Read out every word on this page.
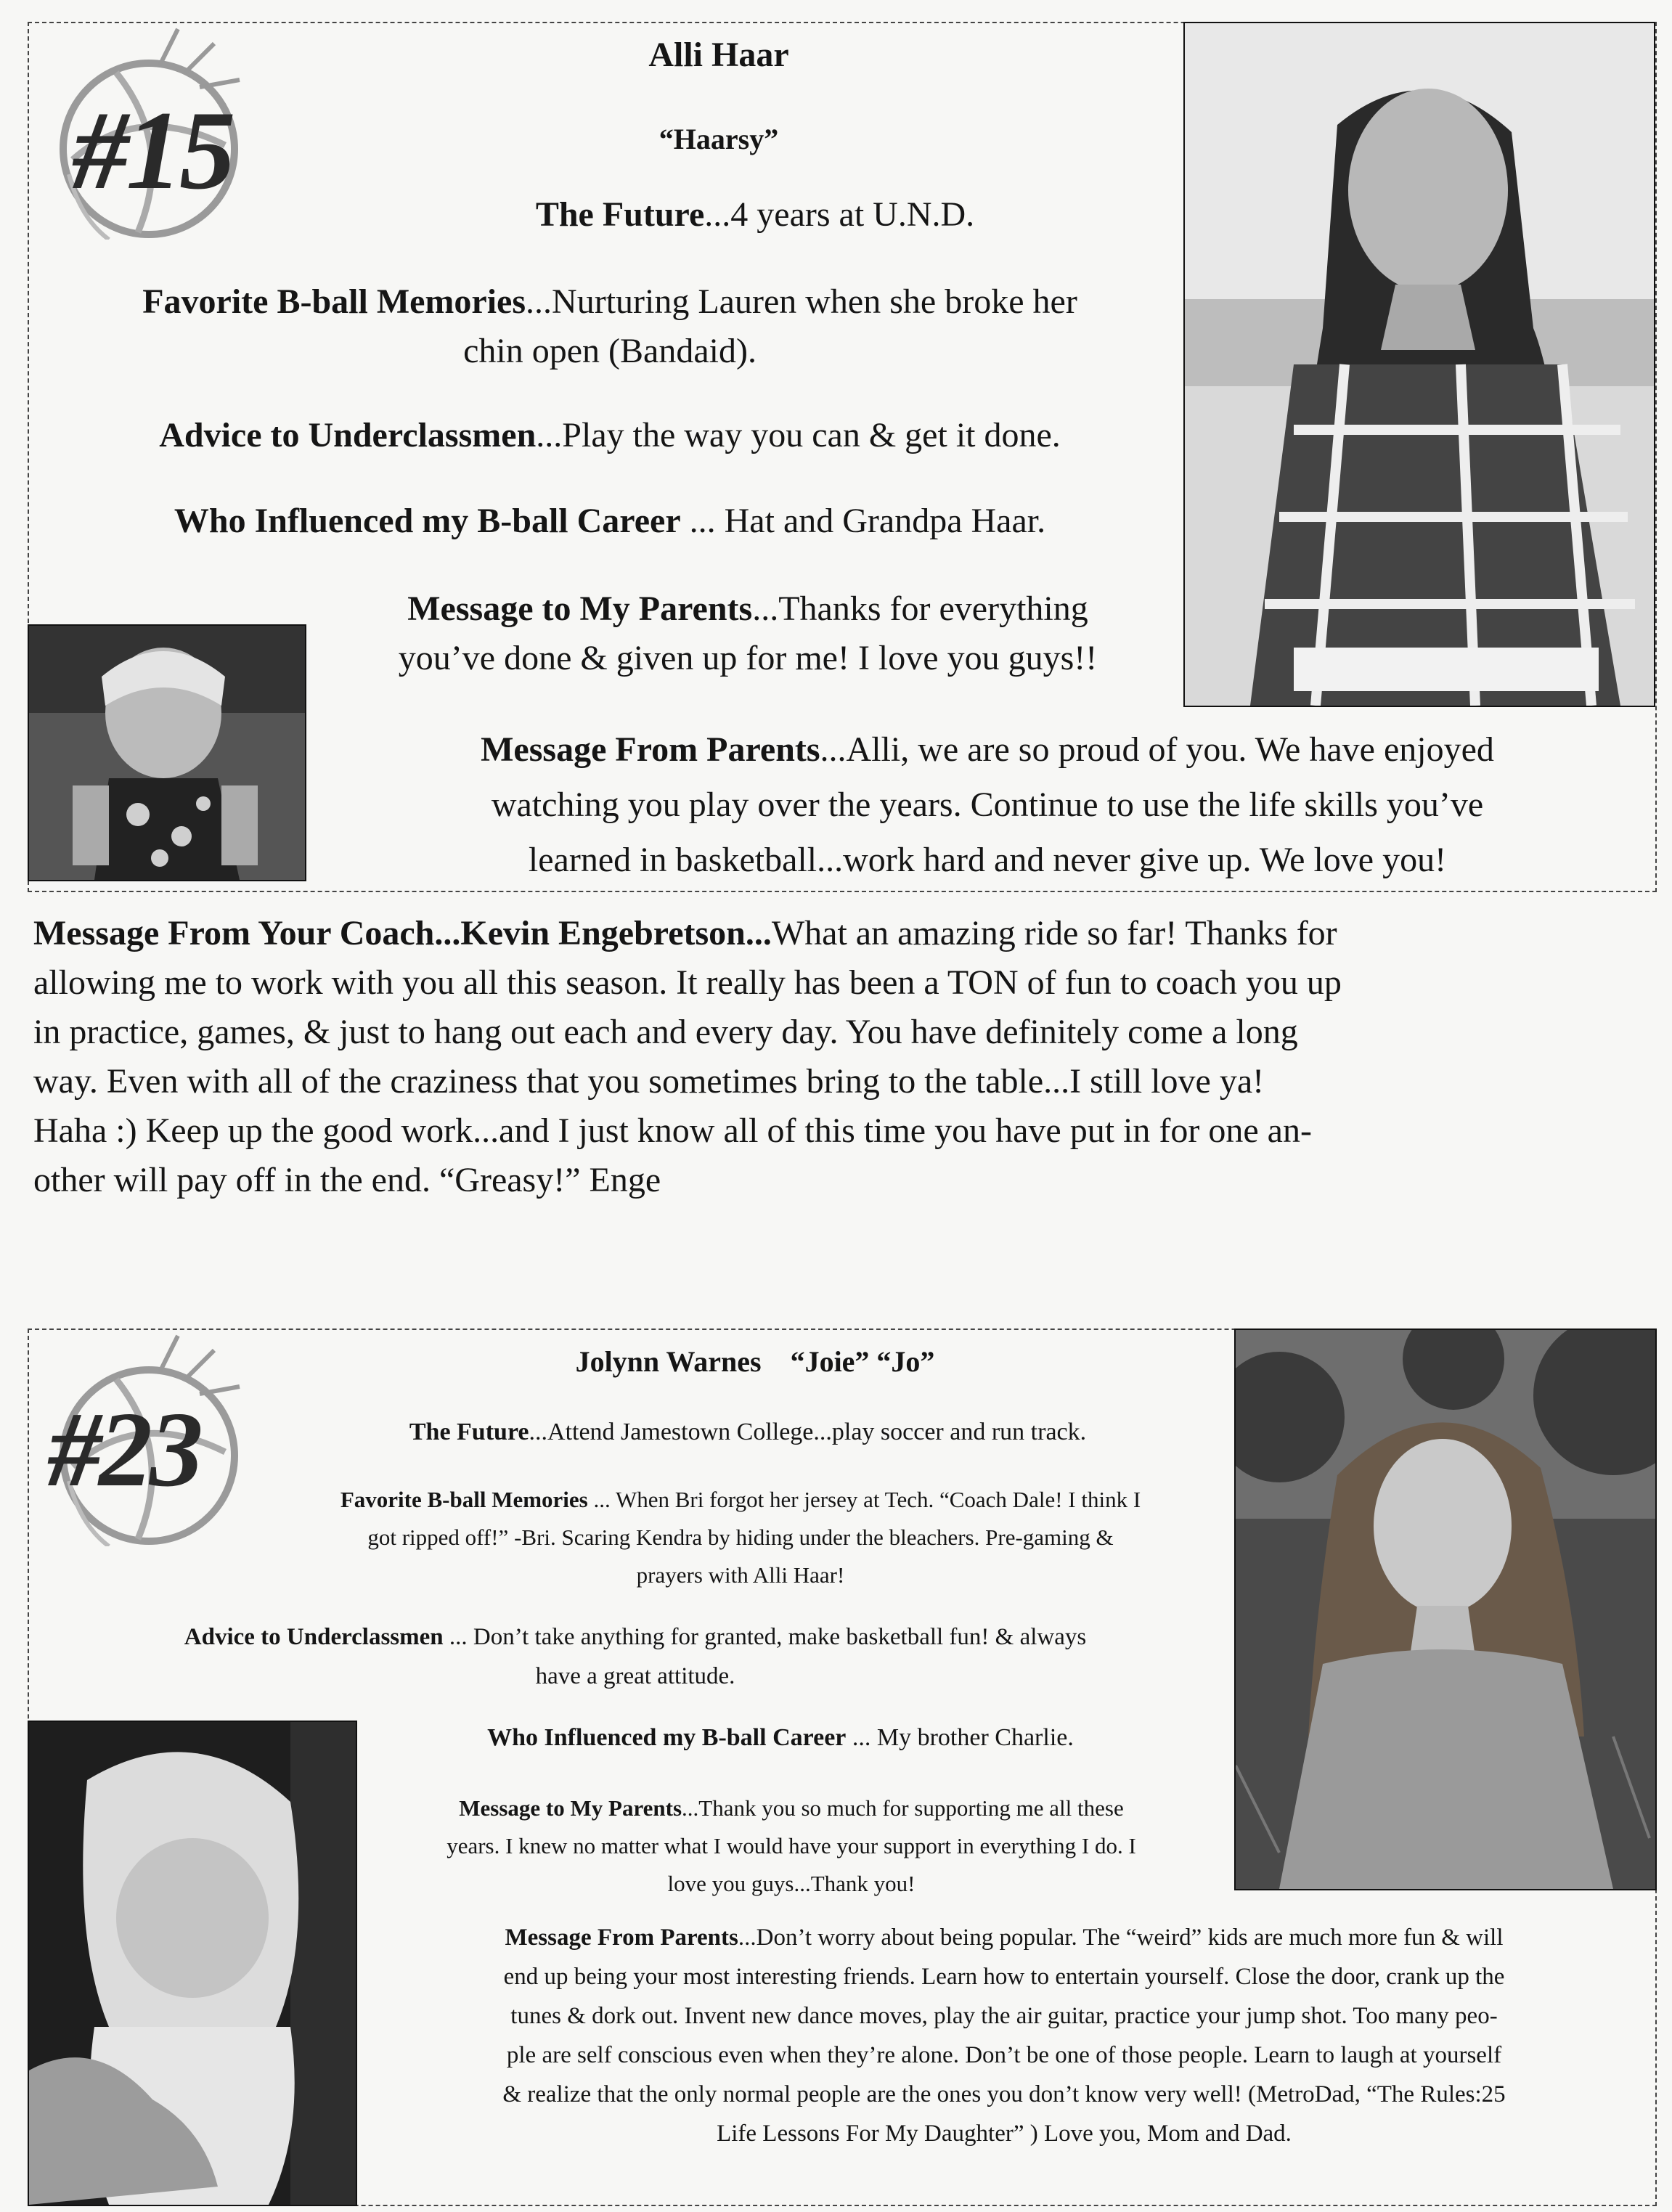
#15
Alli Haar
“Haarsy”
The Future...4 years at U.N.D.
Favorite B-ball Memories...Nurturing Lauren when she broke her
chin open (Bandaid).
Advice to Underclassmen...Play the way you can & get it done.
Who Influenced my B-ball Career ... Hat and Grandpa Haar.
Message to My Parents...Thanks for everything
you’ve done & given up for me! I love you guys!!
Message From Parents...Alli, we are so proud of you. We have enjoyed
watching you play over the years. Continue to use the life skills you’ve
learned in basketball...work hard and never give up. We love you!
Message From Your Coach...Kevin Engebretson...What an amazing ride so far! Thanks for
allowing me to work with you all this season. It really has been a TON of fun to coach you up
in practice, games, & just to hang out each and every day. You have definitely come a long
way. Even with all of the craziness that you sometimes bring to the table...I still love ya!
Haha :) Keep up the good work...and I just know all of this time you have put in for one an-
other will pay off in the end. “Greasy!” Enge
#23
Jolynn Warnes “Joie” “Jo”
The Future...Attend Jamestown College...play soccer and run track.
Favorite B-ball Memories ... When Bri forgot her jersey at Tech. “Coach Dale! I think I
got ripped off!” -Bri. Scaring Kendra by hiding under the bleachers. Pre-gaming &
prayers with Alli Haar!
Advice to Underclassmen ... Don’t take anything for granted, make basketball fun! & always
have a great attitude.
Who Influenced my B-ball Career ... My brother Charlie.
Message to My Parents...Thank you so much for supporting me all these
years. I knew no matter what I would have your support in everything I do. I
love you guys...Thank you!
Message From Parents...Don’t worry about being popular. The “weird” kids are much more fun & will
end up being your most interesting friends. Learn how to entertain yourself. Close the door, crank up the
tunes & dork out. Invent new dance moves, play the air guitar, practice your jump shot. Too many peo-
ple are self conscious even when they’re alone. Don’t be one of those people. Learn to laugh at yourself
& realize that the only normal people are the ones you don’t know very well! (MetroDad, “The Rules:25
Life Lessons For My Daughter” ) Love you, Mom and Dad.
